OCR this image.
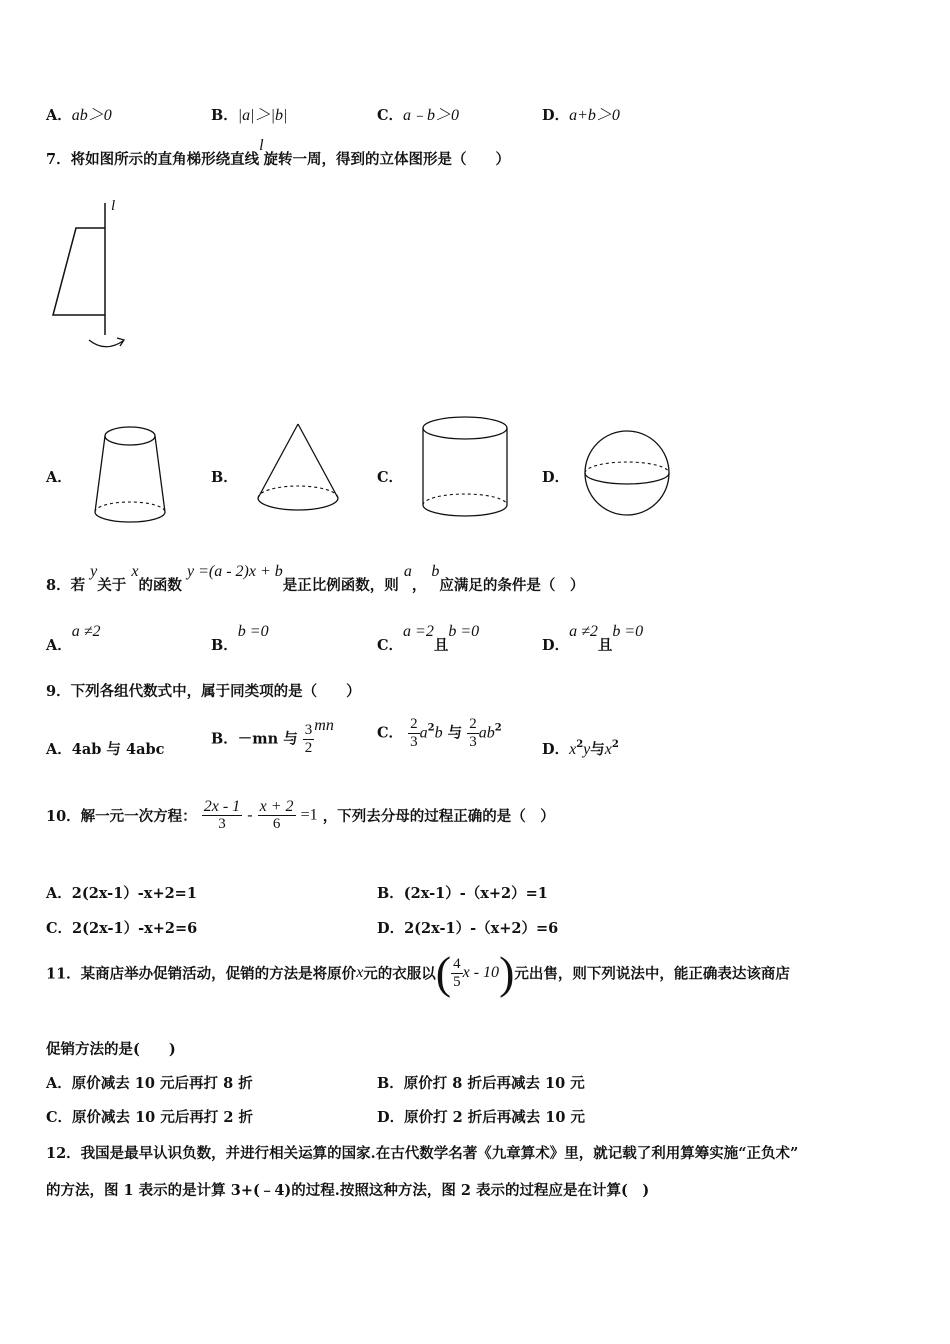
A．ab＞0	B．|a|＞|b|	C．a﹣b＞0	D．a+b＞0
7．将如图所示的直角梯形绕直线l旋转一周，得到的立体图形是（　　）
l
A．	B．	C．	D．
8．若 y关于 x的函数 y =(a - 2)x + b是正比例函数，则 a， b应满足的条件是（　）
A．a ≠2
B．b =0
C．a =2且b =0
D．a ≠2且b =0
9．下列各组代数式中，属于同类项的是（　　）
A．4ab 与 4abc
B．－mn 与 $\frac{3}{2}$ mn	C． $\frac{2}{3} a^2b$ 与 $\frac{2}{3} ab^2$
D．$x^2y$与$x^2$
10．解一元一次方程： $\frac{2x - 1}{3} - \frac{x + 2}{6} =1$ ，下列去分母的过程正确的是（　）
A．2(2x-1）-x+2=1	B．(2x-1）-（x+2）=1
C．2(2x-1）-x+2=6	D．2(2x-1）-（x+2）=6
11．某商店举办促销活动，促销的方法是将原价x元的衣服以( $\frac{4}{5}$ x - 10)元出售，则下列说法中，能正确表达该商店
促销方法的是(　　)
A．原价减去 10 元后再打 8 折	B．原价打 8 折后再减去 10 元
C．原价减去 10 元后再打 2 折	D．原价打 2 折后再减去 10 元
12．我国是最早认识负数，并进行相关运算的国家.在古代数学名著《九章算术》里，就记载了利用算筹实施“正负术”
的方法，图 1 表示的是计算 3+(﹣4)的过程.按照这种方法，图 2 表示的过程应是在计算(　)
